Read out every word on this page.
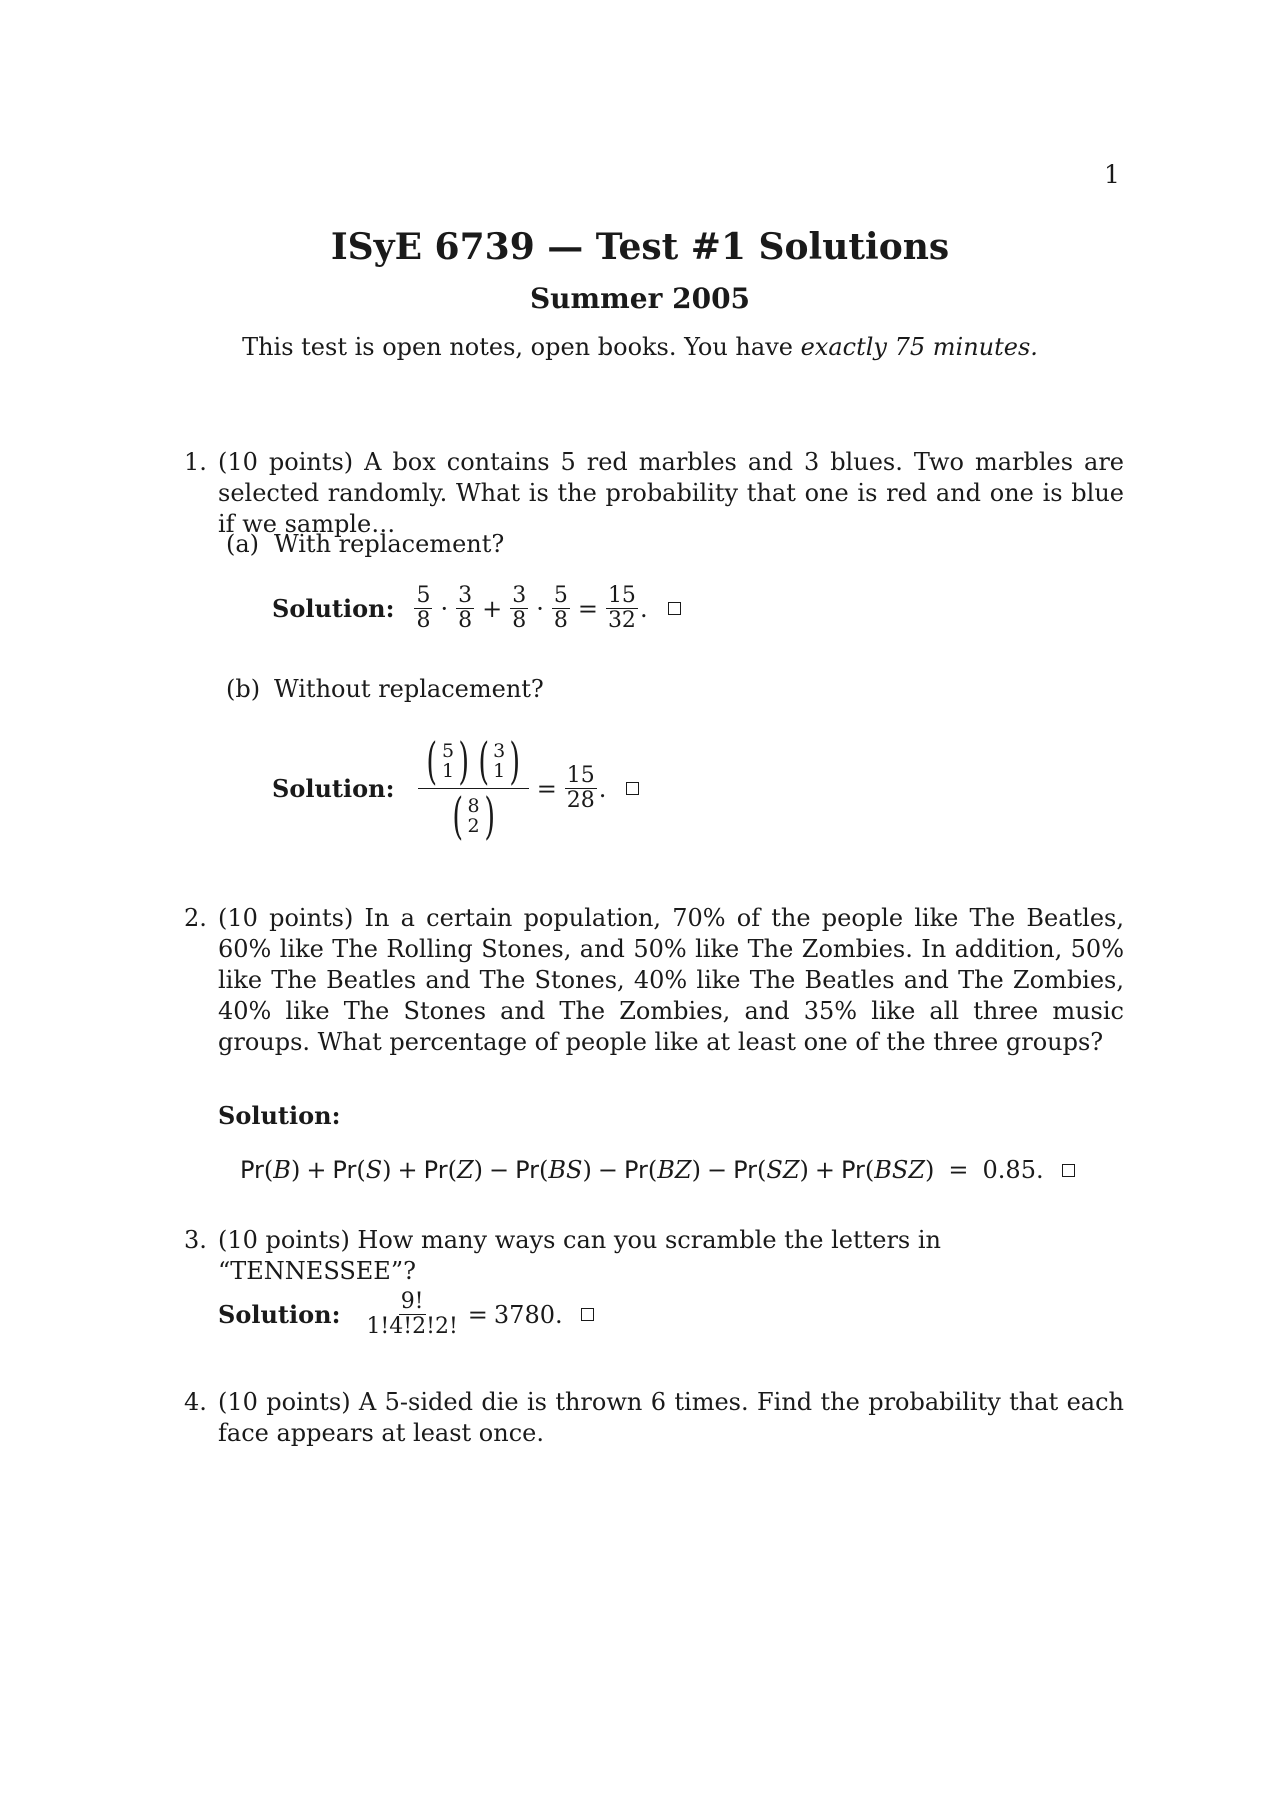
1
ISyE 6739 — Test #1 Solutions
Summer 2005
This test is open notes, open books. You have exactly 75 minutes.
1. (10 points) A box contains 5 red marbles and 3 blues. Two marbles are selected randomly. What is the probability that one is red and one is blue if we sample…
(a) With replacement?
Solution: $\frac{5}{8} \cdot \frac{3}{8} + \frac{3}{8} \cdot \frac{5}{8} = \frac{15}{32}$ .
(b) Without replacement?
Solution: ( 5
1 ) ( 3
1 )
( 8
2 ) = $\frac{15}{28}$ .
2. (10 points) In a certain population, 70% of the people like The Beatles, 60% like The Rolling Stones, and 50% like The Zombies. In addition, 50% like The Beatles and The Stones, 40% like The Beatles and The Zombies, 40% like The Stones and The Zombies, and 35% like all three music groups. What percentage of people like at least one of the three groups?
Solution:
Pr ( B ) + Pr ( S ) + Pr ( Z ) − Pr ( BS ) − Pr ( BZ ) − Pr ( SZ ) + Pr ( BSZ ) = 0.85.
3. (10 points) How many ways can you scramble the letters in “TENNESSEE”?
Solution: $\frac{9!}{1!4!2!2!} = 3780$.
4. (10 points) A 5-sided die is thrown 6 times. Find the probability that each face appears at least once.
